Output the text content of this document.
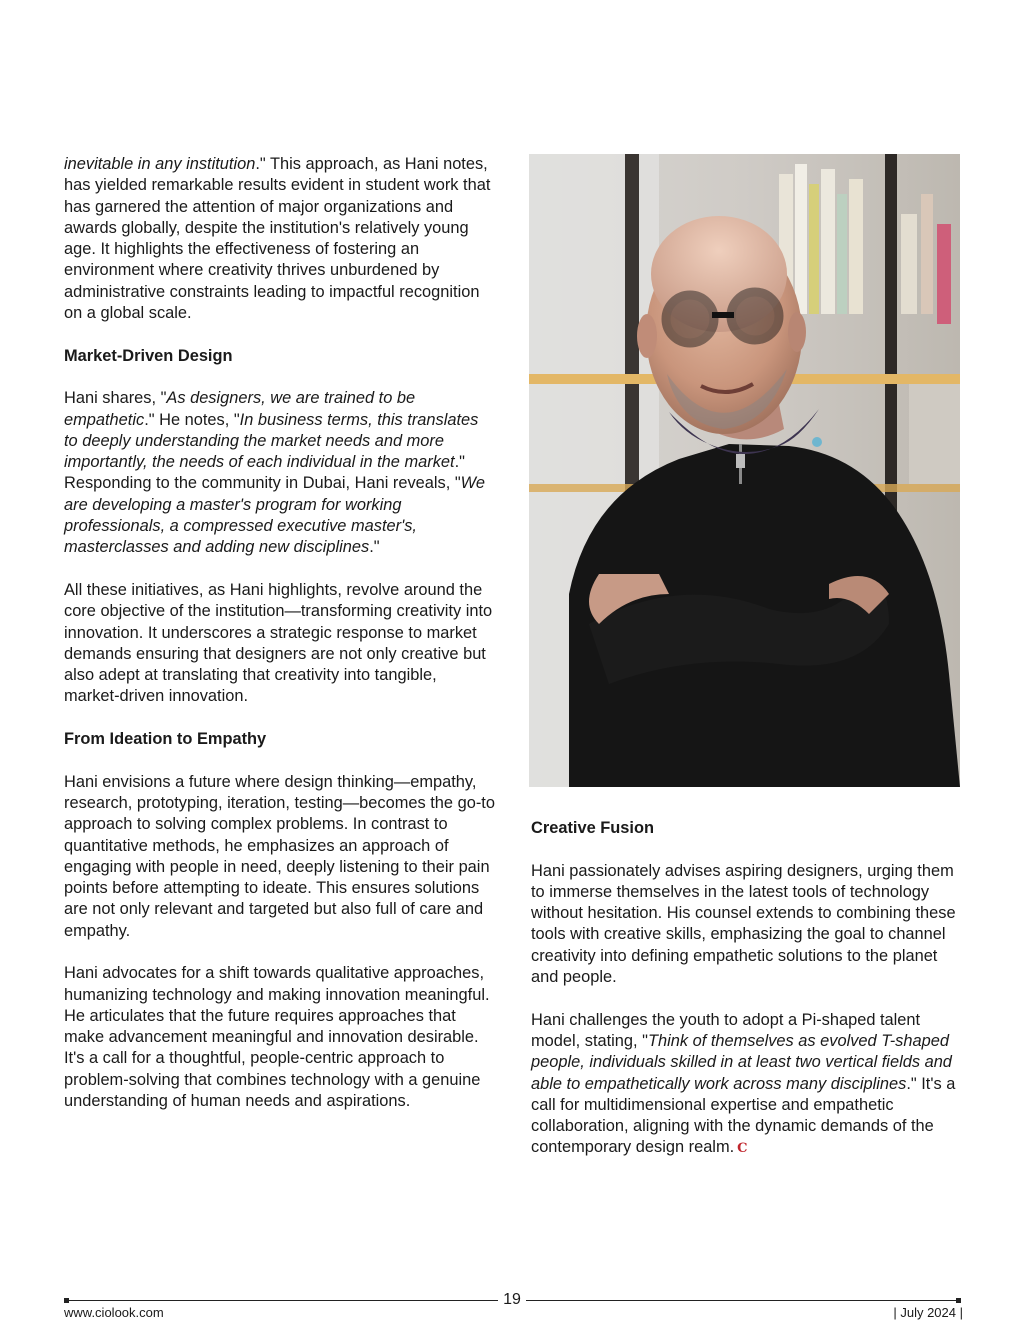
inevitable in any institution." This approach, as Hani notes, has yielded remarkable results evident in student work that has garnered the attention of major organizations and awards globally, despite the institution's relatively young age. It highlights the effectiveness of fostering an environment where creativity thrives unburdened by administrative constraints leading to impactful recognition on a global scale.

Market-Driven Design

Hani shares, "As designers, we are trained to be empathetic." He notes, "In business terms, this translates to deeply understanding the market needs and more importantly, the needs of each individual in the market." Responding to the community in Dubai, Hani reveals, "We are developing a master's program for working professionals, a compressed executive master's, masterclasses and adding new disciplines."

All these initiatives, as Hani highlights, revolve around the core objective of the institution—transforming creativity into innovation. It underscores a strategic response to market demands ensuring that designers are not only creative but also adept at translating that creativity into tangible, market-driven innovation.

From Ideation to Empathy

Hani envisions a future where design thinking—empathy, research, prototyping, iteration, testing—becomes the go-to approach to solving complex problems. In contrast to quantitative methods, he emphasizes an approach of engaging with people in need, deeply listening to their pain points before attempting to ideate. This ensures solutions are not only relevant and targeted but also full of care and empathy.

Hani advocates for a shift towards qualitative approaches, humanizing technology and making innovation meaningful. He articulates that the future requires approaches that make advancement meaningful and innovation desirable. It's a call for a thoughtful, people-centric approach to problem-solving that combines technology with a genuine understanding of human needs and aspirations.

Creative Fusion

Hani passionately advises aspiring designers, urging them to immerse themselves in the latest tools of technology without hesitation. His counsel extends to combining these tools with creative skills, emphasizing the goal to channel creativity into defining empathetic solutions to the planet and people.

Hani challenges the youth to adopt a Pi-shaped talent model, stating, "Think of themselves as evolved T-shaped people, individuals skilled in at least two vertical fields and able to empathetically work across many disciplines." It's a call for multidimensional expertise and empathetic collaboration, aligning with the dynamic demands of the contemporary design realm. C

19
www.ciolook.com	| July 2024 |
